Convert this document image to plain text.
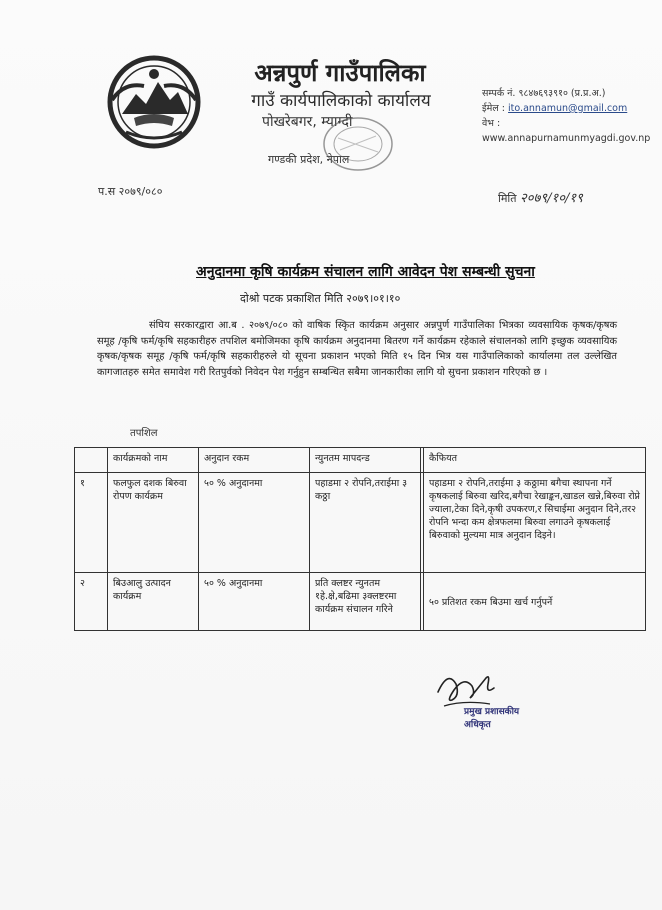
अन्नपुर्ण गाउँपालिका
गाउँ कार्यपालिकाको कार्यालय
पोखरेबगर, म्याग्दी
गण्डकी प्रदेश, नेपाल
सम्पर्क नं. ९८४७६९३९१० (प्र.प्र.अ.)
ईमेल : ito.annamun@gmail.com
वेभ :
www.annapurnamunmyagdi.gov.np
प.स २०७९/०८०
मिति २०७९/१०/१९
अनुदानमा कृषि कार्यक्रम संचालन लागि आवेदन पेश सम्बन्धी सुचना
दोश्रो पटक प्रकाशित मिति २०७९।०१।१०
संघिय सरकारद्वारा आ.ब . २०७९/०८० को वाषिक स्किृत कार्यक्रम अनुसार अन्नपुर्ण गाउँपालिका भित्रका व्यवसायिक कृषक/कृषक समूह /कृषि फर्म/कृषि सहकारीहरु तपशिल बमोजिमका कृषि कार्यक्रम अनुदानमा बितरण गर्ने कार्यक्रम रहेकाले संचालनको लागि इच्छुक व्यवसायिक कृषक/कृषक समूह /कृषि फर्म/कृषि सहकारीहरुले यो सूचना प्रकाशन भएको मिति १५ दिन भित्र यस गाउँपालिकाको कार्यालमा तल उल्लेखित कागजातहरु समेत समावेश गरी रितपुर्वको निवेदन पेश गर्नुहुन सम्बन्धित सबैमा जानकारीका लागि यो सुचना प्रकाशन गरिएको छ ।
तपशिल
	कार्यक्रमको नाम	अनुदान रकम	न्युनतम मापदन्ड		कैफियत
१	फलफुल दशक बिरुवा रोपण कार्यक्रम	५० % अनुदानमा	पहाडमा २ रोपनि,तराईमा ३ कठ्ठा		पहाडमा २ रोपनि,तराईमा ३ कठ्ठामा बगैचा स्थापना गर्ने कृषकलाई बिरुवा खरिद,बगैचा रेखाङ्कन,खाडल खन्ने,बिरुवा रोप्ने ज्याला,टेका दिने,कृषी उपकरण,र सिचाईमा अनुदान दिने,तर२ रोपनि भन्दा कम क्षेत्रफलमा बिरुवा लगाउने कृषकलाई बिरुवाको मुल्यमा मात्र अनुदान दिइने।
२	बिउआलु उत्पादन कार्यक्रम	५० % अनुदानमा	प्रति क्लष्टर न्युनतम १हे.क्षे,बढिमा ३क्लष्टरमा कार्यक्रम संचालन गरिने		५० प्रतिशत रकम बिउमा खर्च गर्नुपर्ने
प्रमुख प्रशासकीय
अधिकृत
